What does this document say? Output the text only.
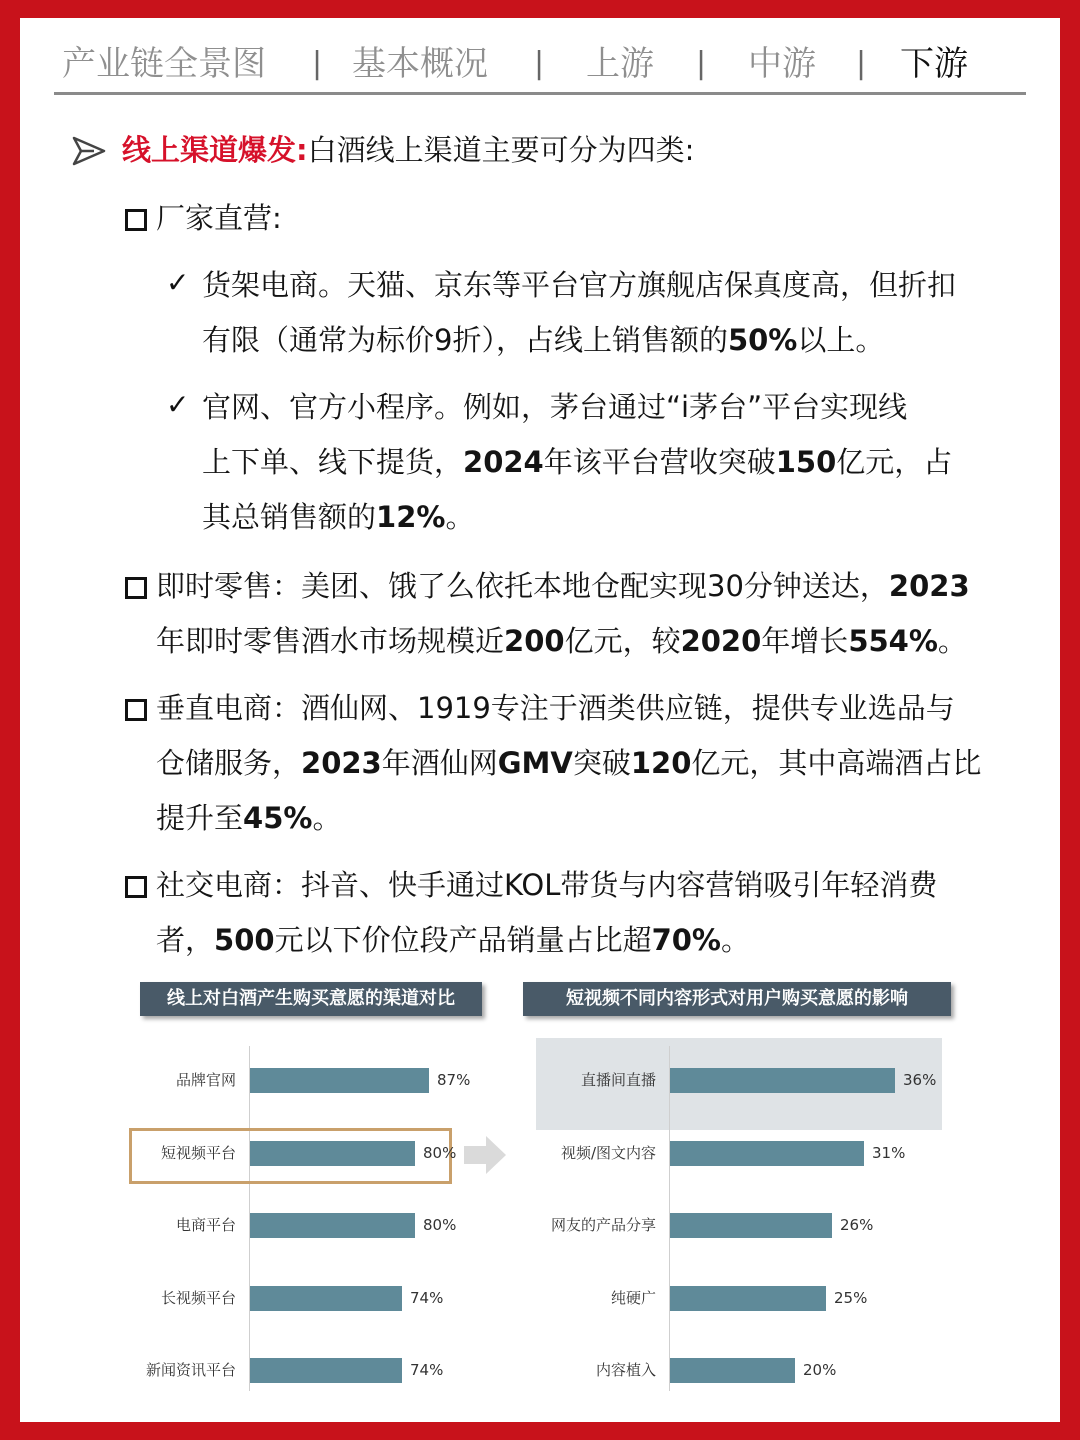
产业链全景图 | 基本概况 | 上游 | 中游 | 下游
线上渠道爆发:白酒线上渠道主要可分为四类:
厂家直营:
✓ 货架电商。天猫、京东等平台官方旗舰店保真度高，但折扣
有限（通常为标价9折），占线上销售额的50%以上。
✓ 官网、官方小程序。例如，茅台通过“i茅台”平台实现线
上下单、线下提货，2024年该平台营收突破150亿元，占
其总销售额的12%。
即时零售：美团、饿了么依托本地仓配实现30分钟送达，2023
年即时零售酒水市场规模近200亿元，较2020年增长554%。
垂直电商：酒仙网、1919专注于酒类供应链，提供专业选品与
仓储服务，2023年酒仙网GMV突破120亿元，其中高端酒占比
提升至45%。
社交电商：抖音、快手通过KOL带货与内容营销吸引年轻消费
者，500元以下价位段产品销量占比超70%。
线上对白酒产生购买意愿的渠道对比	短视频不同内容形式对用户购买意愿的影响
品牌官网	87%
短视频平台	80%
电商平台	80%
长视频平台	74%
新闻资讯平台	74%
直播间直播	36%
视频/图文内容	31%
网友的产品分享	26%
纯硬广	25%
内容植入	20%
